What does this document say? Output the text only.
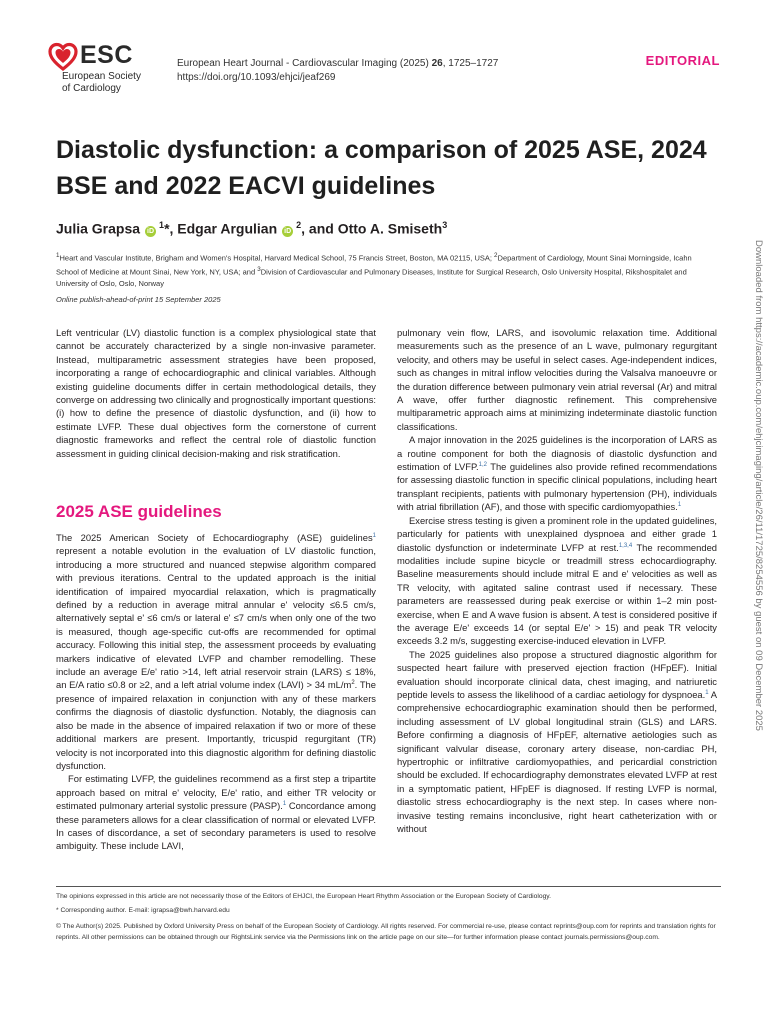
ESC
European Society
of Cardiology
European Heart Journal - Cardiovascular Imaging (2025) 26, 1725–1727
https://doi.org/10.1093/ehjci/jeaf269
EDITORIAL
Diastolic dysfunction: a comparison of 2025 ASE, 2024 BSE and 2022 EACVI guidelines
Julia Grapsa $iD^1*$, Edgar Argulian $iD^2$, and Otto A. Smiseth$^3$
$^1$Heart and Vascular Institute, Brigham and Women's Hospital, Harvard Medical School, 75 Francis Street, Boston, MA 02115, USA; $^2$Department of Cardiology, Mount Sinai Morningside, Icahn School of Medicine at Mount Sinai, New York, NY, USA; and $^3$Division of Cardiovascular and Pulmonary Diseases, Institute for Surgical Research, Oslo University Hospital, Rikshospitalet and University of Oslo, Oslo, Norway
Online publish-ahead-of-print 15 September 2025

Left ventricular (LV) diastolic function is a complex physiological state that cannot be accurately characterized by a single non-invasive parameter. Instead, multiparametric assessment strategies have been proposed, incorporating a range of echocardiographic and clinical variables. Although existing guideline documents differ in certain methodological details, they converge on addressing two clinically and prognostically important questions: (i) how to define the presence of diastolic dysfunction, and (ii) how to estimate LVFP. These dual objectives form the cornerstone of current diagnostic frameworks and reflect the central role of diastolic function assessment in guiding clinical decision-making and risk stratification.

2025 ASE guidelines

The 2025 American Society of Echocardiography (ASE) guidelines$^1$ represent a notable evolution in the evaluation of LV diastolic function, introducing a more structured and nuanced stepwise algorithm compared with previous iterations. Central to the updated approach is the initial identification of impaired myocardial relaxation, which is pragmatically defined by a reduction in average mitral annular e' velocity ≤6.5 cm/s, alternatively septal e' ≤6 cm/s or lateral e' ≤7 cm/s when only one of the two is measured, though age-specific cut-offs are recommended for optimal accuracy. Following this initial step, the assessment proceeds by evaluating markers indicative of elevated LVFP and chamber remodelling. These include an average E/e' ratio >14, left atrial reservoir strain (LARS) ≤ 18%, an E/A ratio ≤0.8 or ≥2, and a left atrial volume index (LAVI) > 34 $mL/m^2$. The presence of impaired relaxation in conjunction with any of these markers confirms the diagnosis of diastolic dysfunction. Notably, the diagnosis can also be made in the absence of impaired relaxation if two or more of these additional markers are present. Importantly, tricuspid regurgitant (TR) velocity is not incorporated into this diagnostic algorithm for defining diastolic dysfunction.

For estimating LVFP, the guidelines recommend as a first step a tripartite approach based on mitral e' velocity, E/e' ratio, and either TR velocity or estimated pulmonary arterial systolic pressure (PASP).$^1$ Concordance among these parameters allows for a clear classification of normal or elevated LVFP. In cases of discordance, a set of secondary parameters is used to resolve ambiguity. These include LAVI,

pulmonary vein flow, LARS, and isovolumic relaxation time. Additional measurements such as the presence of an L wave, pulmonary regurgitant velocity, and others may be useful in select cases. Age-independent indices, such as changes in mitral inflow velocities during the Valsalva manoeuvre or the duration difference between pulmonary vein atrial reversal (Ar) and mitral A wave, offer further diagnostic refinement. This comprehensive multiparametric approach aims at minimizing indeterminate diastolic function classifications.

A major innovation in the 2025 guidelines is the incorporation of LARS as a routine component for both the diagnosis of diastolic dysfunction and estimation of LVFP.$^{1,2}$ The guidelines also provide refined recommendations for assessing diastolic function in specific clinical populations, including heart transplant recipients, patients with pulmonary hypertension (PH), individuals with atrial fibrillation (AF), and those with specific cardiomyopathies.$^1$

Exercise stress testing is given a prominent role in the updated guidelines, particularly for patients with unexplained dyspnoea and either grade 1 diastolic dysfunction or indeterminate LVFP at rest.$^{1,3,4}$ The recommended modalities include supine bicycle or treadmill stress echocardiography. Baseline measurements should include mitral E and e' velocities as well as TR velocity, with agitated saline contrast used if necessary. These parameters are reassessed during peak exercise or within 1–2 min post-exercise, when E and A wave fusion is absent. A test is considered positive if the average E/e' exceeds 14 (or septal E/e' > 15) and peak TR velocity exceeds 3.2 m/s, suggesting exercise-induced elevation in LVFP.

The 2025 guidelines also propose a structured diagnostic algorithm for suspected heart failure with preserved ejection fraction (HFpEF). Initial evaluation should incorporate clinical data, chest imaging, and natriuretic peptide levels to assess the likelihood of a cardiac aetiology for dyspnoea.$^1$ A comprehensive echocardiographic examination should then be performed, including assessment of LV global longitudinal strain (GLS) and LARS. Before confirming a diagnosis of HFpEF, alternative aetiologies such as significant valvular disease, coronary artery disease, non-cardiac PH, hypertrophic or infiltrative cardiomyopathies, and pericardial constriction should be excluded. If echocardiography demonstrates elevated LVFP at rest in a symptomatic patient, HFpEF is diagnosed. If resting LVFP is normal, diastolic stress echocardiography is the next step. In cases where non-invasive testing remains inconclusive, right heart catheterization with or without

Downloaded from https://academic.oup.com/ehjcimaging/article/26/11/1725/8254556 by guest on 09 December 2025
The opinions expressed in this article are not necessarily those of the Editors of EHJCI, the European Heart Rhythm Association or the European Society of Cardiology.
* Corresponding author. E-mail: igrapsa@bwh.harvard.edu
© The Author(s) 2025. Published by Oxford University Press on behalf of the European Society of Cardiology. All rights reserved. For commercial re-use, please contact reprints@oup.com for reprints and translation rights for reprints. All other permissions can be obtained through our RightsLink service via the Permissions link on the article page on our site—for further information please contact journals.permissions@oup.com.
